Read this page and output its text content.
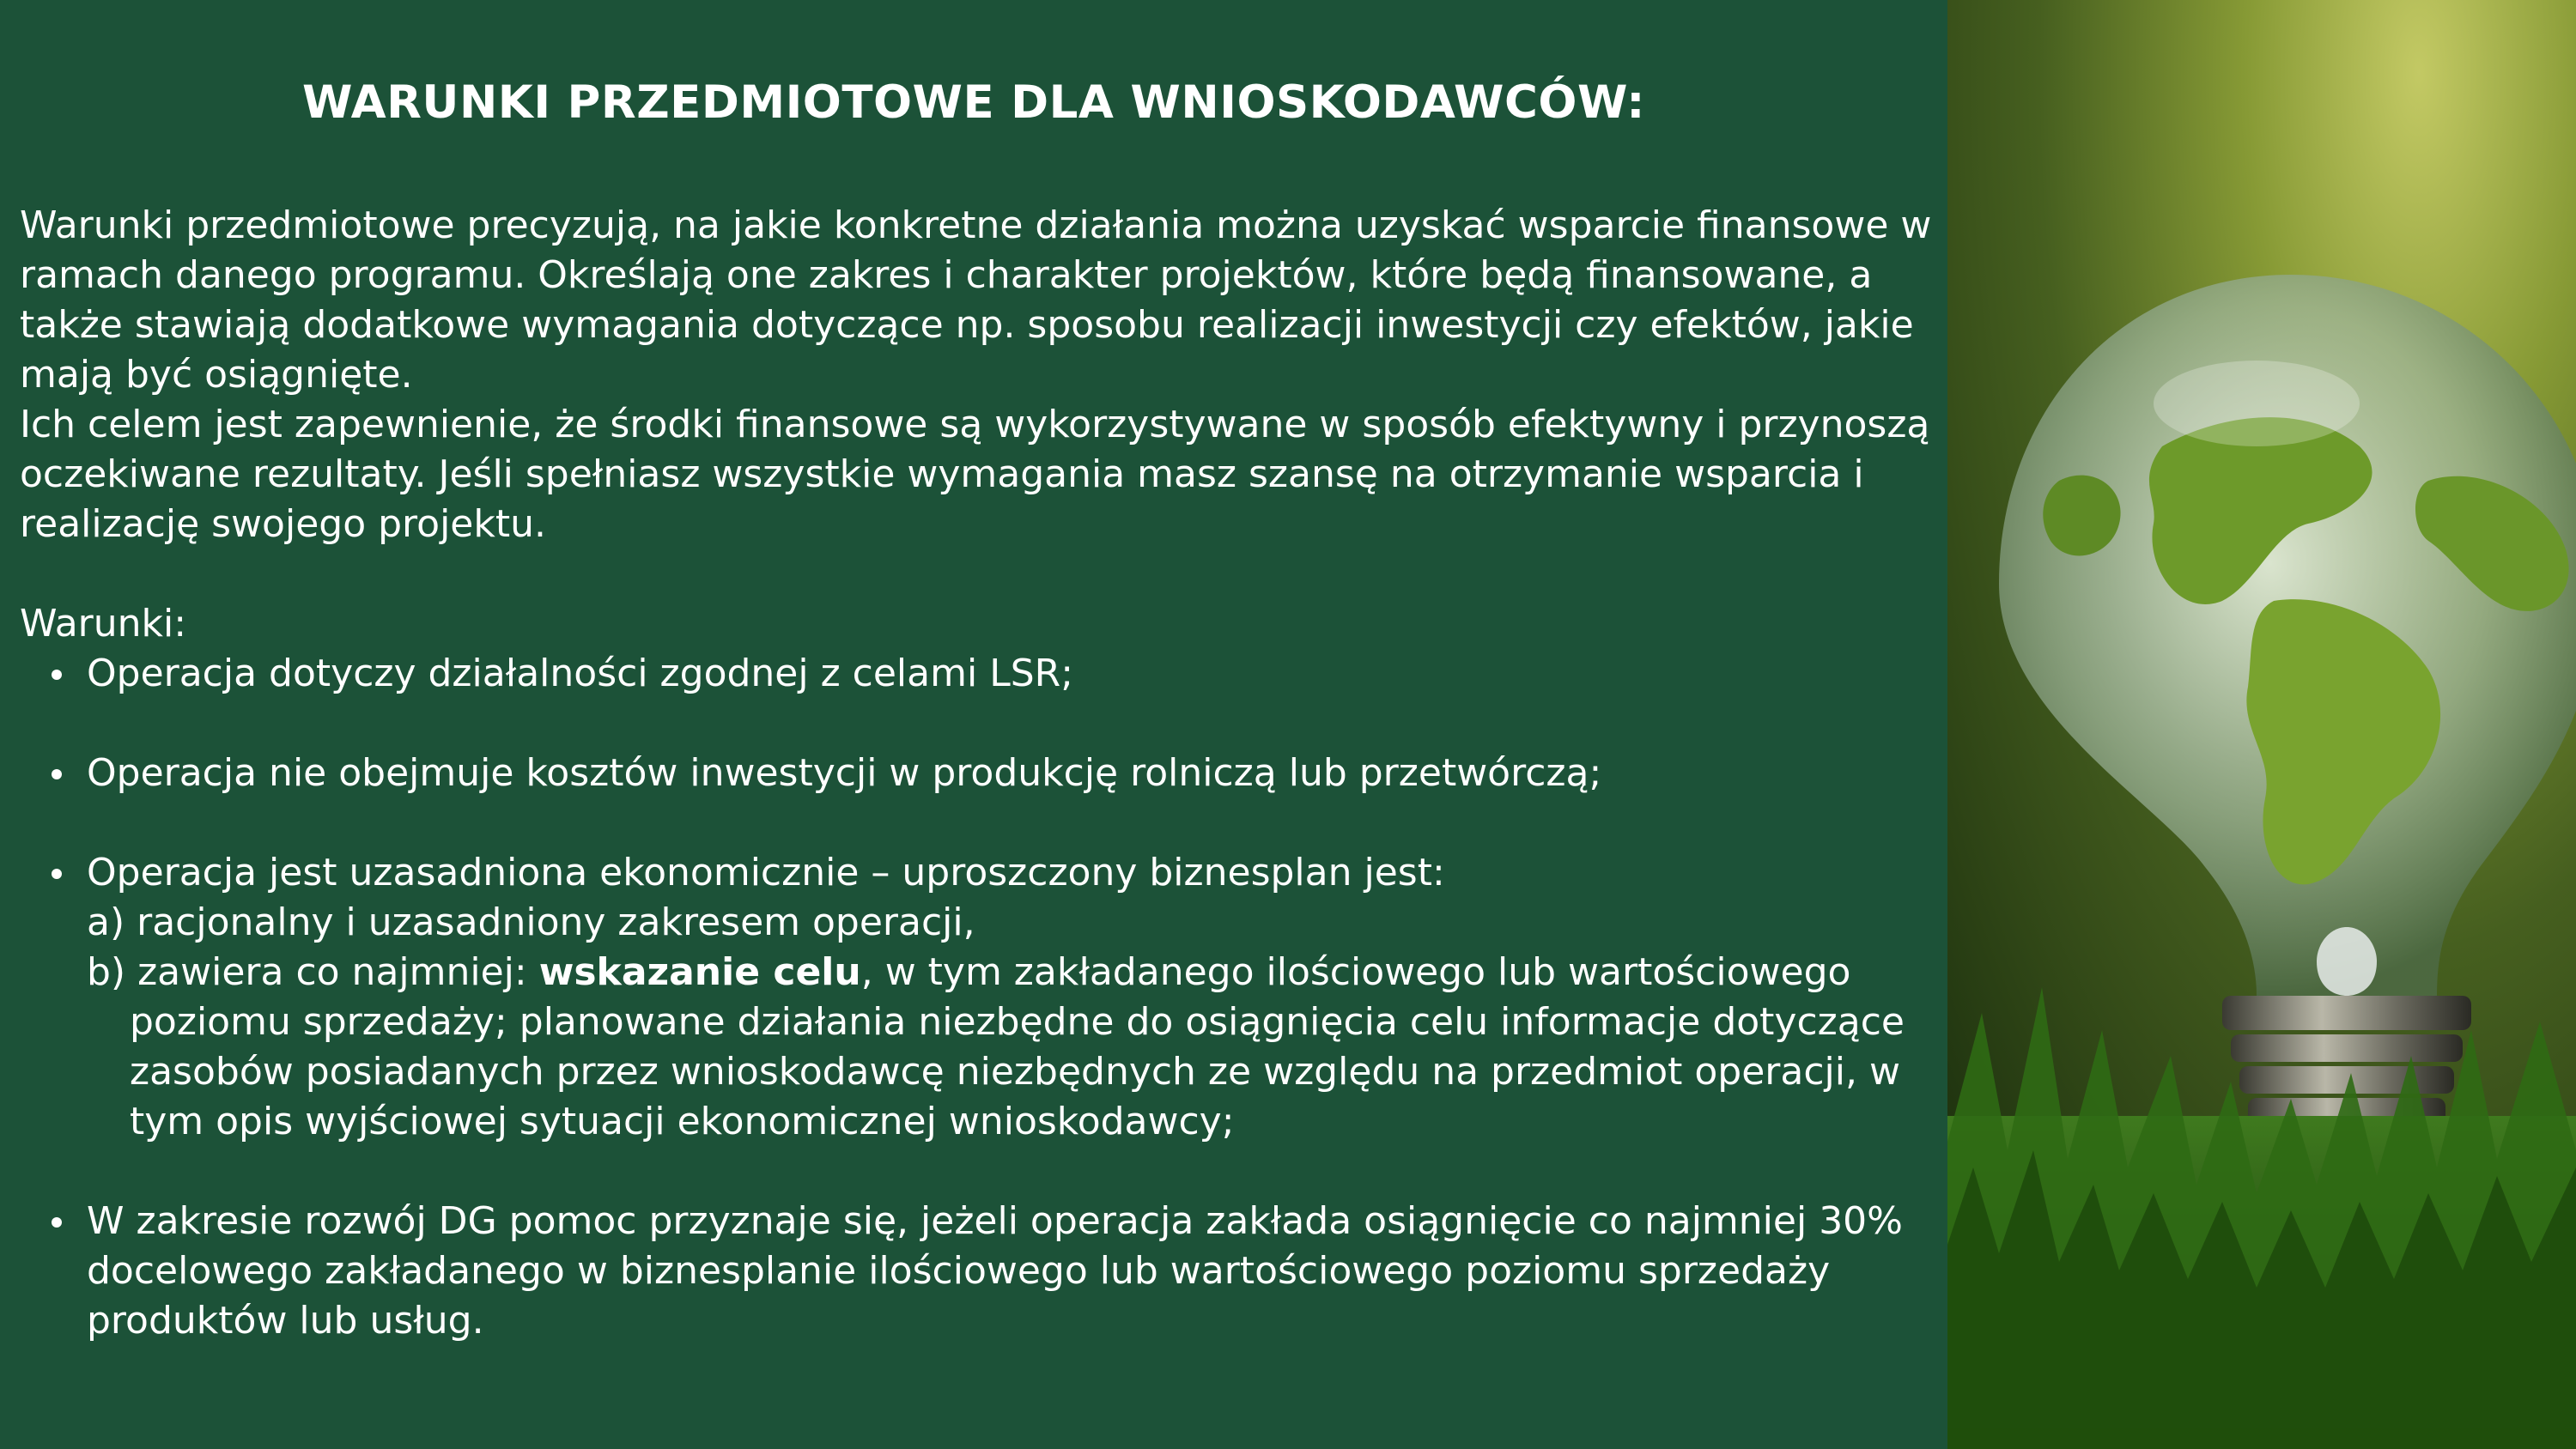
WARUNKI PRZEDMIOTOWE DLA WNIOSKODAWCÓW:

Warunki przedmiotowe precyzują, na jakie konkretne działania można uzyskać wsparcie finansowe w ramach danego programu. Określają one zakres i charakter projektów, które będą finansowane, a także stawiają dodatkowe wymagania dotyczące np. sposobu realizacji inwestycji czy efektów, jakie mają być osiągnięte.

Ich celem jest zapewnienie, że środki finansowe są wykorzystywane w sposób efektywny i przynoszą oczekiwane rezultaty. Jeśli spełniasz wszystkie wymagania masz szansę na otrzymanie wsparcia i realizację swojego projektu.

Warunki:

Operacja dotyczy działalności zgodnej z celami LSR;
Operacja nie obejmuje kosztów inwestycji w produkcję rolniczą lub przetwórczą;
Operacja jest uzasadniona ekonomicznie – uproszczony biznesplan jest:
a) racjonalny i uzasadniony zakresem operacji,
b) zawiera co najmniej: wskazanie celu, w tym zakładanego ilościowego lub wartościowego poziomu sprzedaży; planowane działania niezbędne do osiągnięcia celu informacje dotyczące zasobów posiadanych przez wnioskodawcę niezbędnych ze względu na przedmiot operacji, w tym opis wyjściowej sytuacji ekonomicznej wnioskodawcy;
W zakresie rozwój DG pomoc przyznaje się, jeżeli operacja zakłada osiągnięcie co najmniej 30% docelowego zakładanego w biznesplanie ilościowego lub wartościowego poziomu sprzedaży produktów lub usług.
